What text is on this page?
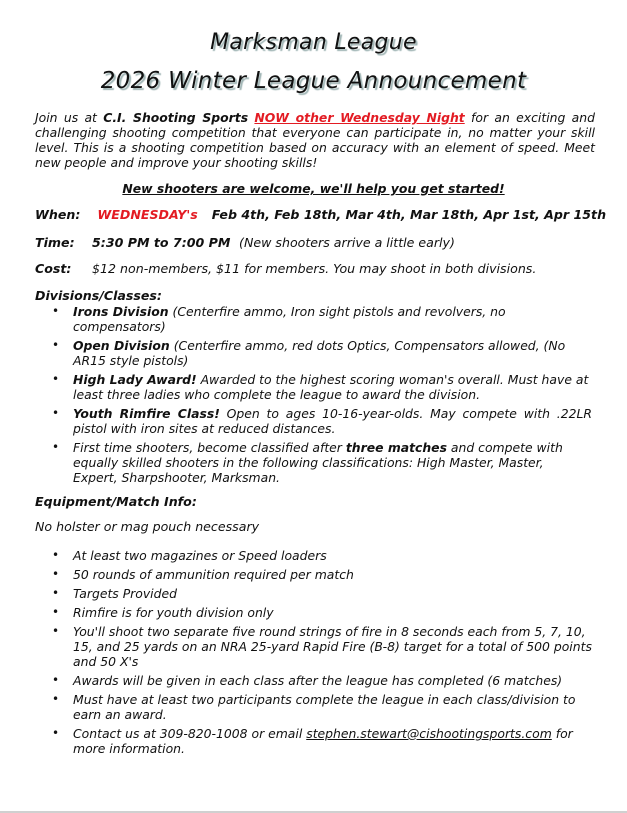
Marksman League
2026 Winter League Announcement
Join us at C.I. Shooting Sports NOW other Wednesday Night for an exciting and challenging shooting competition that everyone can participate in, no matter your skill level. This is a shooting competition based on accuracy with an element of speed. Meet new people and improve your shooting skills!
New shooters are welcome, we'll help you get started!
When: WEDNESDAY's Feb 4th, Feb 18th, Mar 4th, Mar 18th, Apr 1st, Apr 15th
Time: 5:30 PM to 7:00 PM (New shooters arrive a little early)
Cost: $12 non-members, $11 for members. You may shoot in both divisions.
Divisions/Classes:
• Irons Division (Centerfire ammo, Iron sight pistols and revolvers, no compensators)
• Open Division (Centerfire ammo, red dots Optics, Compensators allowed, (No AR15 style pistols)
• High Lady Award! Awarded to the highest scoring woman's overall. Must have at least three ladies who complete the league to award the division.
• Youth Rimfire Class! Open to ages 10-16-year-olds. May compete with .22LR pistol with iron sites at reduced distances.
• First time shooters, become classified after three matches and compete with equally skilled shooters in the following classifications: High Master, Master, Expert, Sharpshooter, Marksman.
Equipment/Match Info:
No holster or mag pouch necessary
• At least two magazines or Speed loaders
• 50 rounds of ammunition required per match
• Targets Provided
• Rimfire is for youth division only
• You'll shoot two separate five round strings of fire in 8 seconds each from 5, 7, 10, 15, and 25 yards on an NRA 25-yard Rapid Fire (B-8) target for a total of 500 points and 50 X's
• Awards will be given in each class after the league has completed (6 matches)
• Must have at least two participants complete the league in each class/division to earn an award.
• Contact us at 309-820-1008 or email stephen.stewart@cishootingsports.com for more information.
